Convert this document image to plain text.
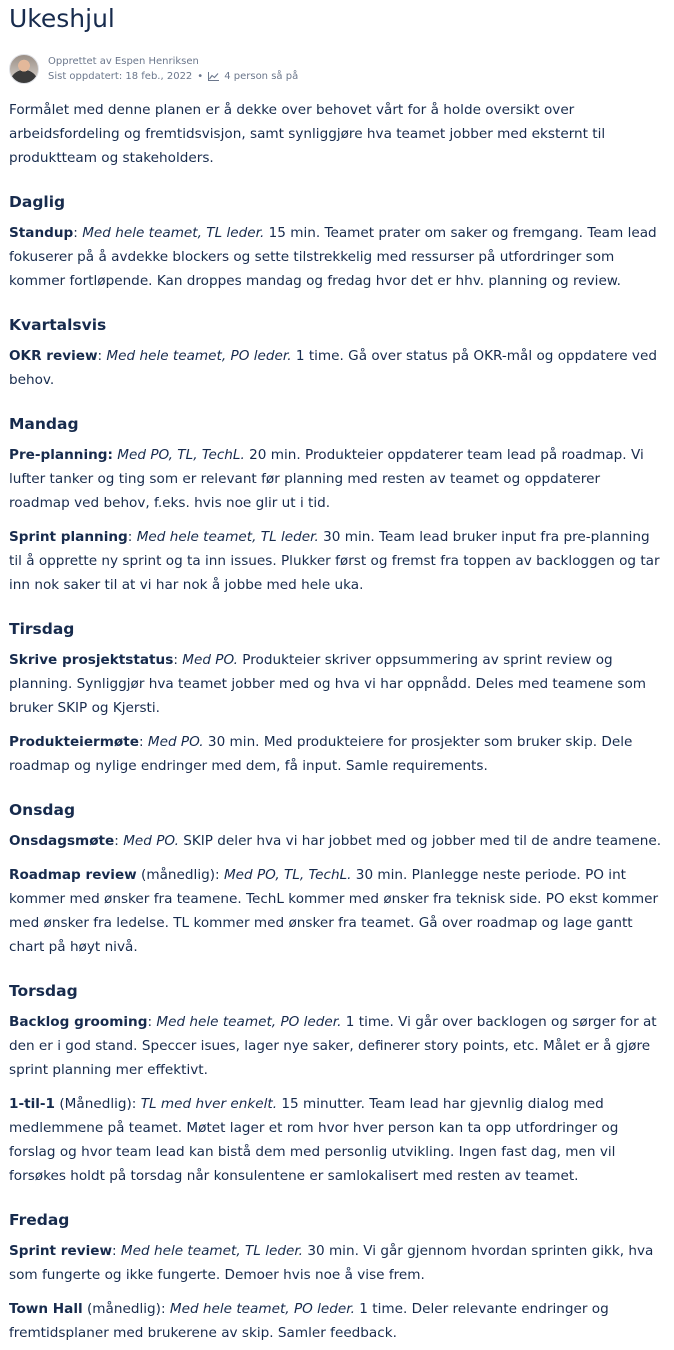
Ukeshjul
Opprettet av Espen Henriksen
Sist oppdatert: 18 feb., 2022 • 4 person så på

Formålet med denne planen er å dekke over behovet vårt for å holde oversikt over arbeidsfordeling og fremtidsvisjon, samt synliggjøre hva teamet jobber med eksternt til produktteam og stakeholders.

Daglig

Standup: Med hele teamet, TL leder. 15 min. Teamet prater om saker og fremgang. Team lead fokuserer på å avdekke blockers og sette tilstrekkelig med ressurser på utfordringer som kommer fortløpende. Kan droppes mandag og fredag hvor det er hhv. planning og review.

Kvartalsvis

OKR review: Med hele teamet, PO leder. 1 time. Gå over status på OKR-mål og oppdatere ved behov.

Mandag

Pre-planning: Med PO, TL, TechL. 20 min. Produkteier oppdaterer team lead på roadmap. Vi lufter tanker og ting som er relevant før planning med resten av teamet og oppdaterer roadmap ved behov, f.eks. hvis noe glir ut i tid.

Sprint planning: Med hele teamet, TL leder. 30 min. Team lead bruker input fra pre-planning til å opprette ny sprint og ta inn issues. Plukker først og fremst fra toppen av backloggen og tar inn nok saker til at vi har nok å jobbe med hele uka.

Tirsdag

Skrive prosjektstatus: Med PO. Produkteier skriver oppsummering av sprint review og planning. Synliggjør hva teamet jobber med og hva vi har oppnådd. Deles med teamene som bruker SKIP og Kjersti.

Produkteiermøte: Med PO. 30 min. Med produkteiere for prosjekter som bruker skip. Dele roadmap og nylige endringer med dem, få input. Samle requirements.

Onsdag

Onsdagsmøte: Med PO. SKIP deler hva vi har jobbet med og jobber med til de andre teamene.

Roadmap review (månedlig): Med PO, TL, TechL. 30 min. Planlegge neste periode. PO int kommer med ønsker fra teamene. TechL kommer med ønsker fra teknisk side. PO ekst kommer med ønsker fra ledelse. TL kommer med ønsker fra teamet. Gå over roadmap og lage gantt chart på høyt nivå.

Torsdag

Backlog grooming: Med hele teamet, PO leder. 1 time. Vi går over backlogen og sørger for at den er i god stand. Speccer isues, lager nye saker, definerer story points, etc. Målet er å gjøre sprint planning mer effektivt.

1-til-1 (Månedlig): TL med hver enkelt. 15 minutter. Team lead har gjevnlig dialog med medlemmene på teamet. Møtet lager et rom hvor hver person kan ta opp utfordringer og forslag og hvor team lead kan bistå dem med personlig utvikling. Ingen fast dag, men vil forsøkes holdt på torsdag når konsulentene er samlokalisert med resten av teamet.

Fredag

Sprint review: Med hele teamet, TL leder. 30 min. Vi går gjennom hvordan sprinten gikk, hva som fungerte og ikke fungerte. Demoer hvis noe å vise frem.

Town Hall (månedlig): Med hele teamet, PO leder. 1 time. Deler relevante endringer og fremtidsplaner med brukerene av skip. Samler feedback.
